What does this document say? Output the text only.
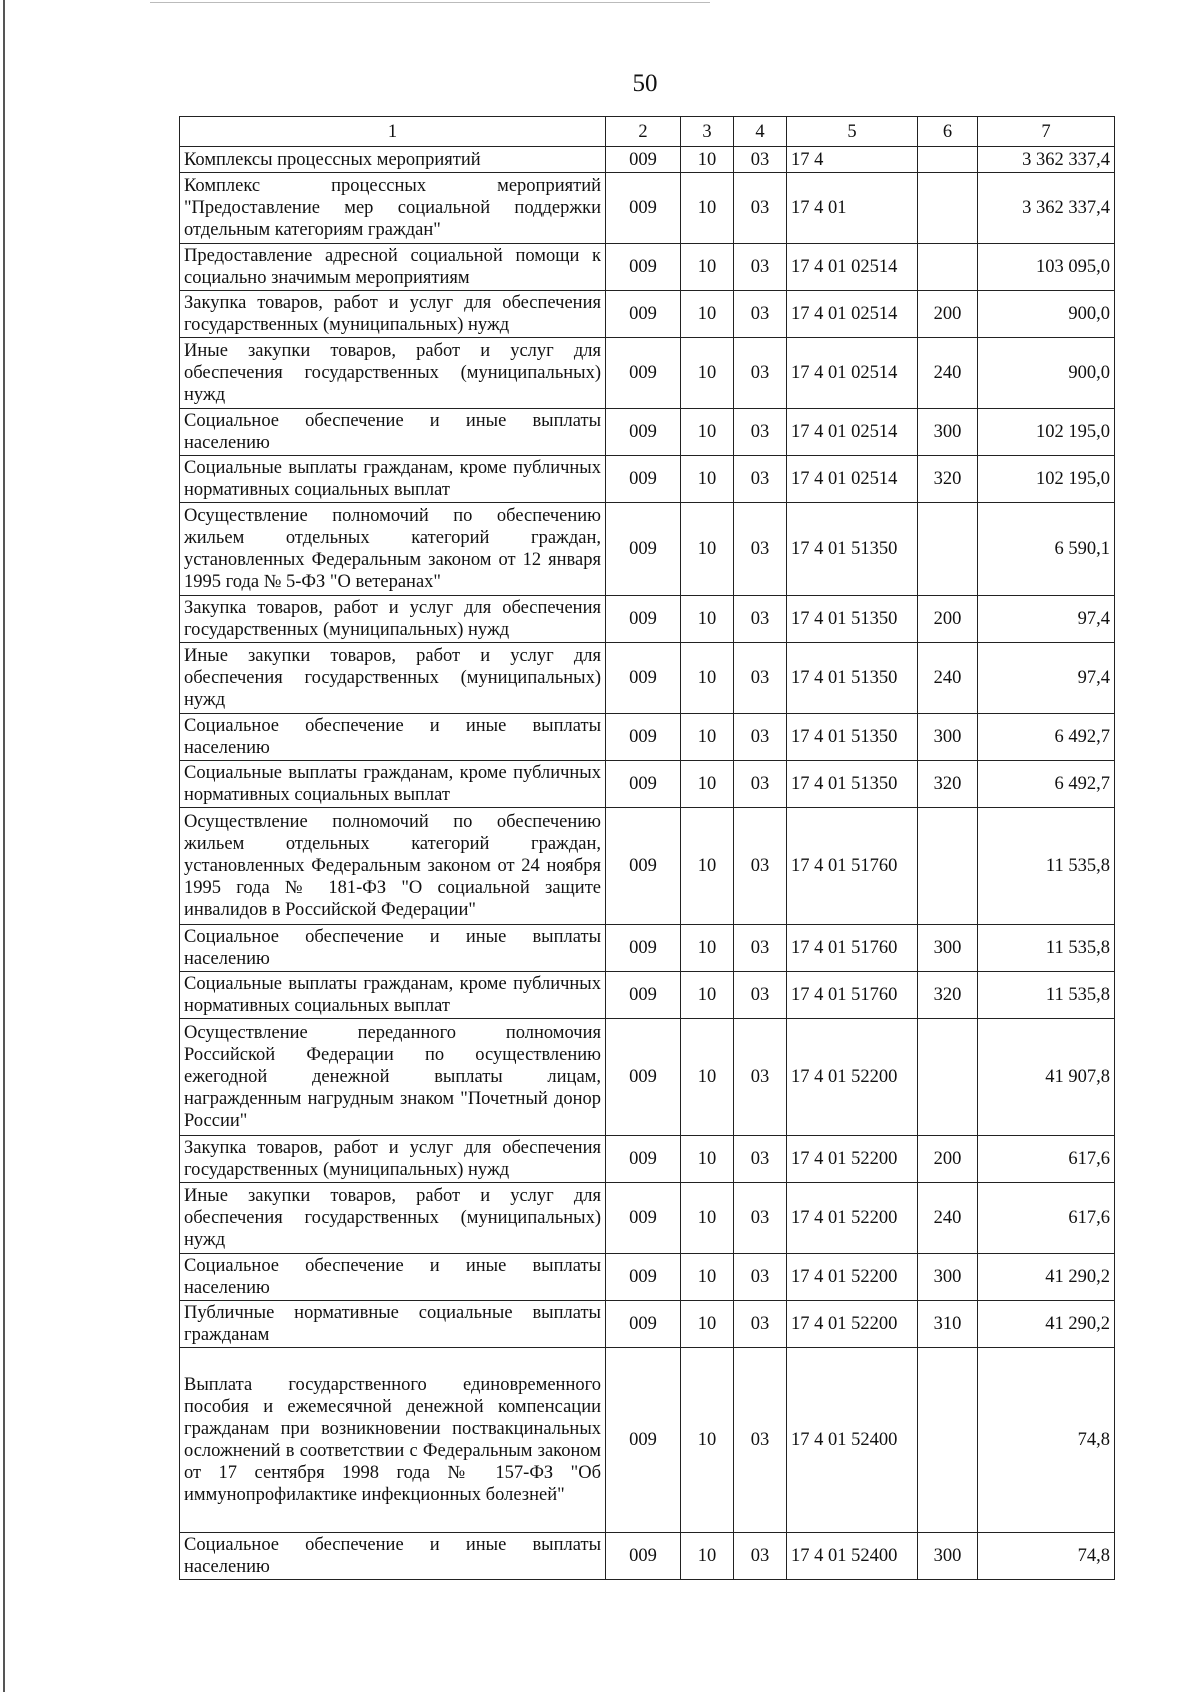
50
1	2	3	4	5	6	7
Комплексы процессных мероприятий	009	10	03	17 4		3 362 337,4
Комплекс процессных мероприятий "Предоставление мер социальной поддержки отдельным категориям граждан"	009	10	03	17 4 01		3 362 337,4
Предоставление адресной социальной помощи к социально значимым мероприятиям	009	10	03	17 4 01 02514		103 095,0
Закупка товаров, работ и услуг для обеспечения государственных (муниципальных) нужд	009	10	03	17 4 01 02514	200	900,0
Иные закупки товаров, работ и услуг для обеспечения государственных (муниципальных) нужд	009	10	03	17 4 01 02514	240	900,0
Социальное обеспечение и иные выплаты населению	009	10	03	17 4 01 02514	300	102 195,0
Социальные выплаты гражданам, кроме публичных нормативных социальных выплат	009	10	03	17 4 01 02514	320	102 195,0
Осуществление полномочий по обеспечению жильем отдельных категорий граждан, установленных Федеральным законом от 12 января 1995 года № 5-ФЗ "О ветеранах"	009	10	03	17 4 01 51350		6 590,1
Закупка товаров, работ и услуг для обеспечения государственных (муниципальных) нужд	009	10	03	17 4 01 51350	200	97,4
Иные закупки товаров, работ и услуг для обеспечения государственных (муниципальных) нужд	009	10	03	17 4 01 51350	240	97,4
Социальное обеспечение и иные выплаты населению	009	10	03	17 4 01 51350	300	6 492,7
Социальные выплаты гражданам, кроме публичных нормативных социальных выплат	009	10	03	17 4 01 51350	320	6 492,7
Осуществление полномочий по обеспечению жильем отдельных категорий граждан, установленных Федеральным законом от 24 ноября 1995 года № 181-ФЗ "О социальной защите инвалидов в Российской Федерации"	009	10	03	17 4 01 51760		11 535,8
Социальное обеспечение и иные выплаты населению	009	10	03	17 4 01 51760	300	11 535,8
Социальные выплаты гражданам, кроме публичных нормативных социальных выплат	009	10	03	17 4 01 51760	320	11 535,8
Осуществление переданного полномочия Российской Федерации по осуществлению ежегодной денежной выплаты лицам, награжденным нагрудным знаком "Почетный донор России"	009	10	03	17 4 01 52200		41 907,8
Закупка товаров, работ и услуг для обеспечения государственных (муниципальных) нужд	009	10	03	17 4 01 52200	200	617,6
Иные закупки товаров, работ и услуг для обеспечения государственных (муниципальных) нужд	009	10	03	17 4 01 52200	240	617,6
Социальное обеспечение и иные выплаты населению	009	10	03	17 4 01 52200	300	41 290,2
Публичные нормативные социальные выплаты гражданам	009	10	03	17 4 01 52200	310	41 290,2
Выплата государственного единовременного пособия и ежемесячной денежной компенсации гражданам при возникновении поствакцинальных осложнений в соответствии с Федеральным законом от 17 сентября 1998 года № 157-ФЗ "Об иммунопрофилактике инфекционных болезней"	009	10	03	17 4 01 52400		74,8
Социальное обеспечение и иные выплаты населению	009	10	03	17 4 01 52400	300	74,8
